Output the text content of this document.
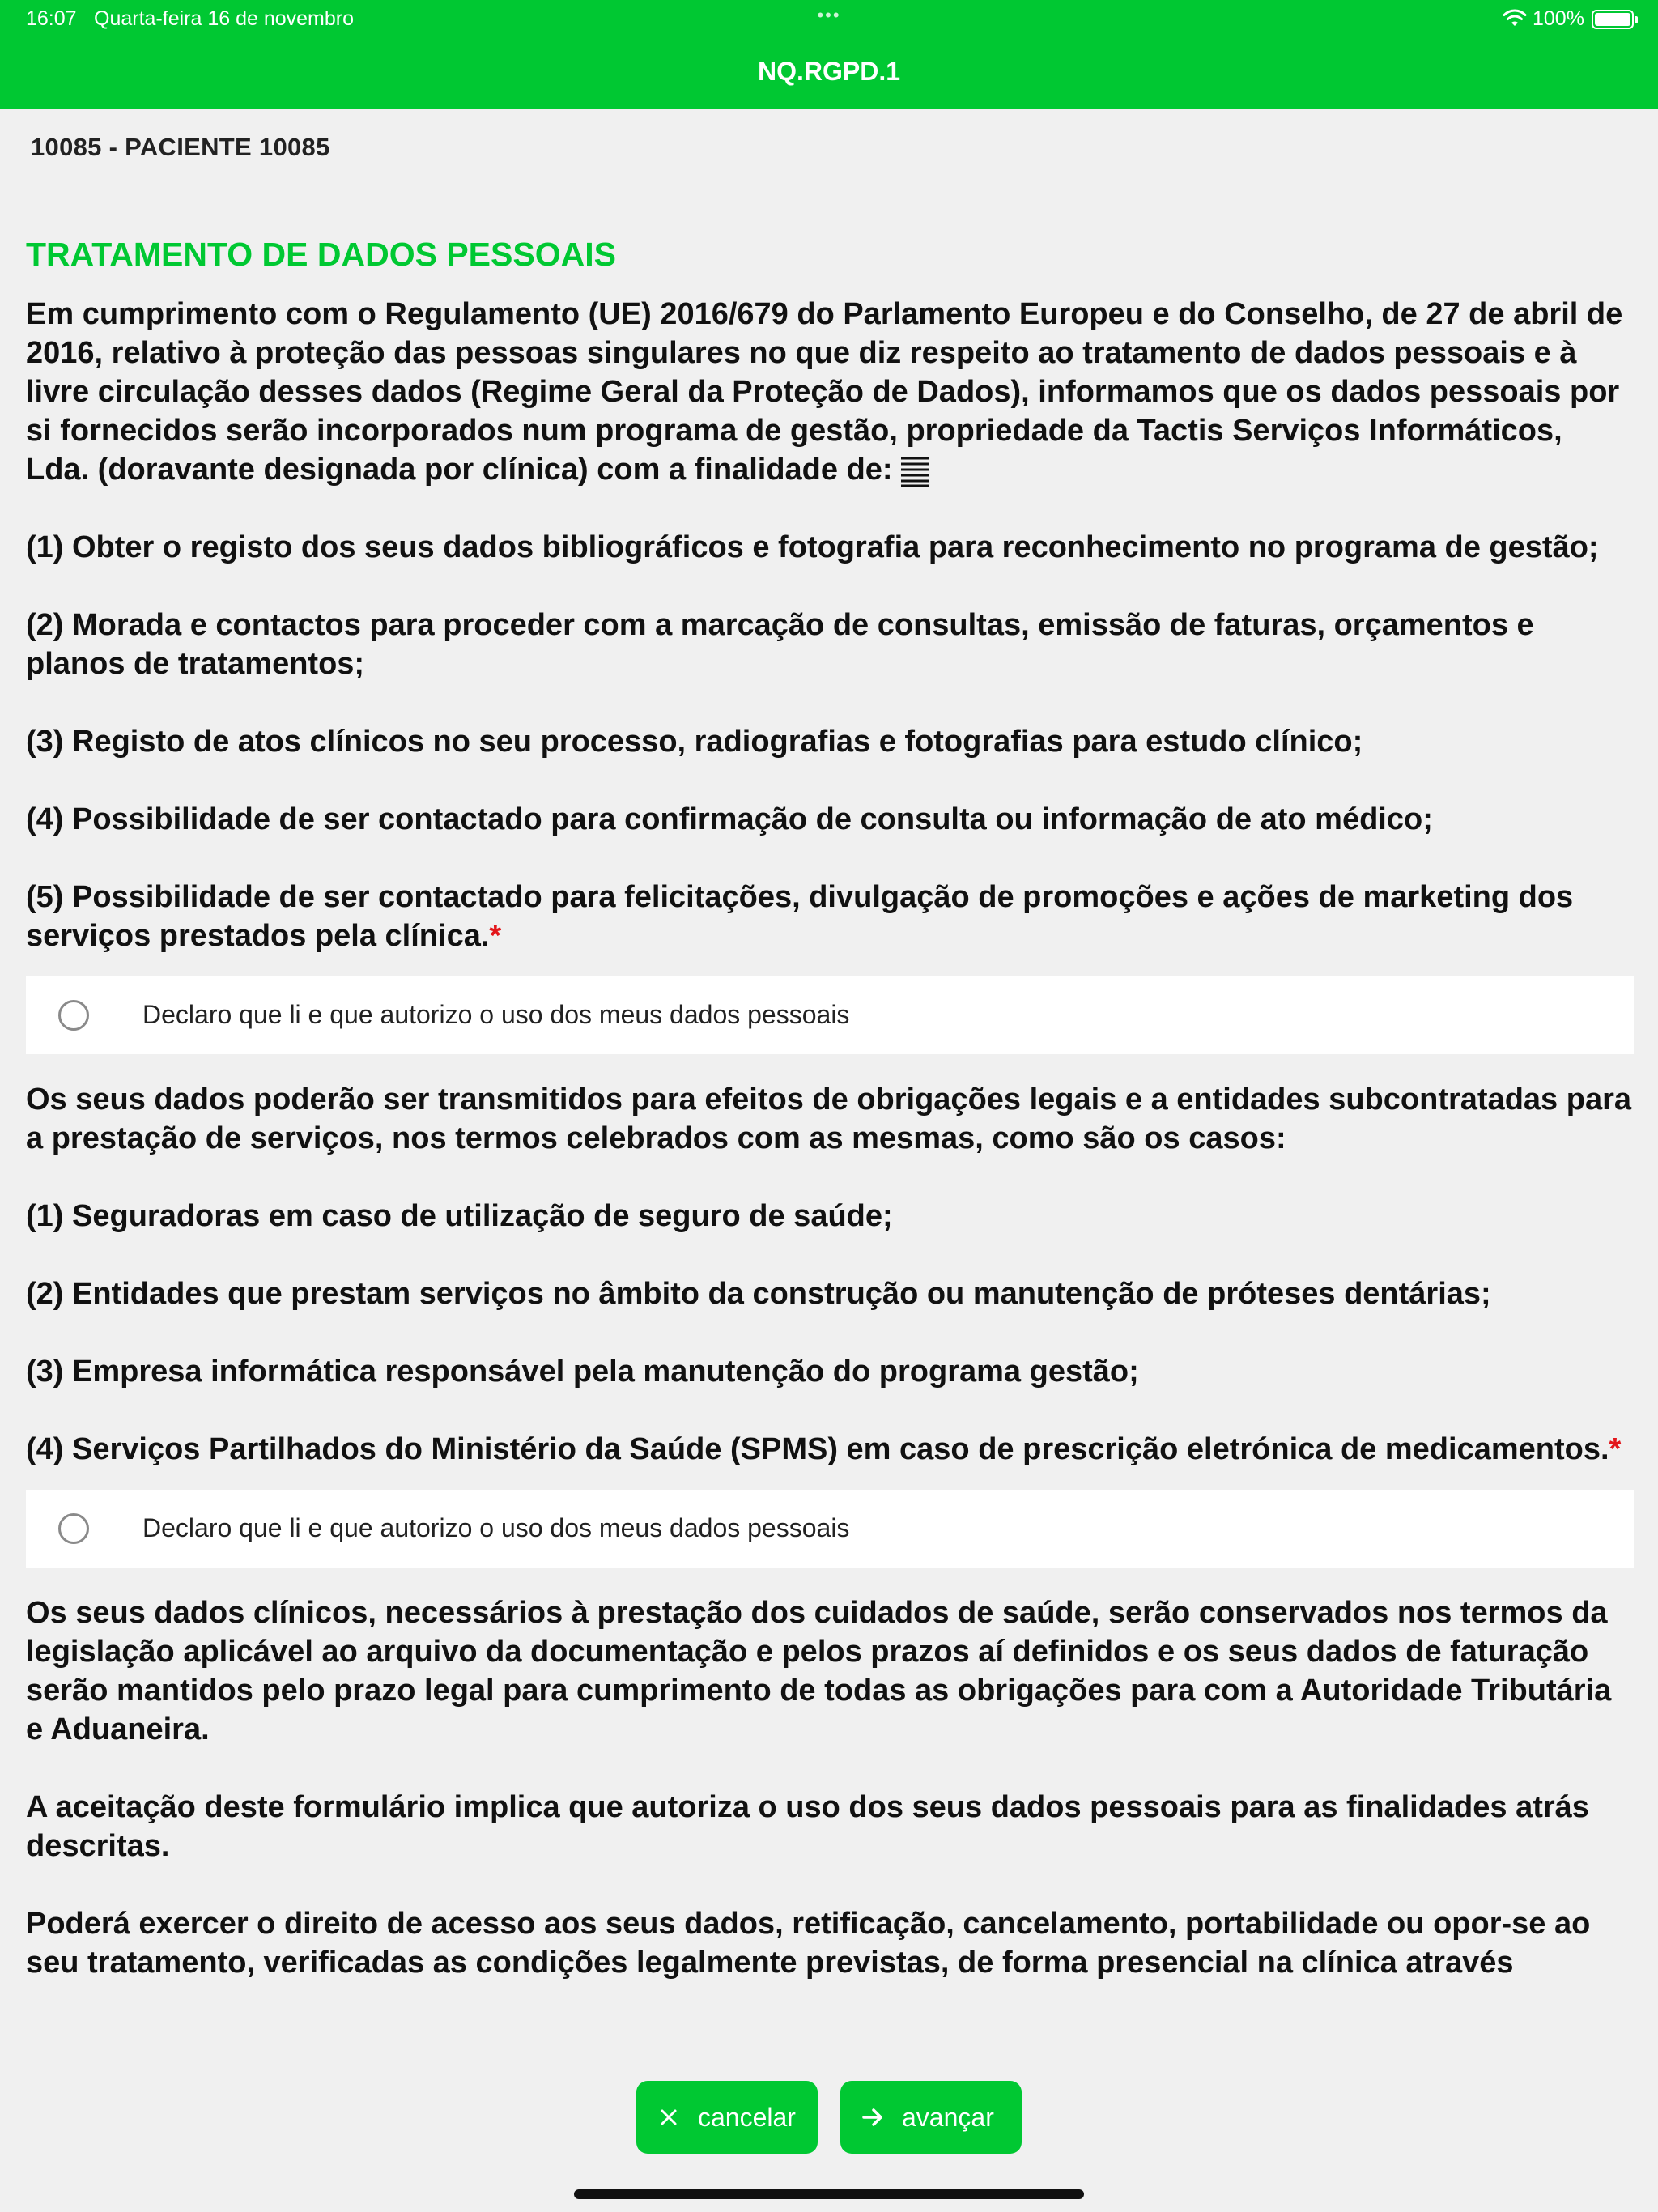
16:07 Quarta-feira 16 de novembro	•••	100%
NQ.RGPD.1
10085 - PACIENTE 10085
TRATAMENTO DE DADOS PESSOAIS
Em cumprimento com o Regulamento (UE) 2016/679 do Parlamento Europeu e do Conselho, de 27 de abril de 2016, relativo à proteção das pessoas singulares no que diz respeito ao tratamento de dados pessoais e à livre circulação desses dados (Regime Geral da Proteção de Dados), informamos que os dados pessoais por si fornecidos serão incorporados num programa de gestão, propriedade da Tactis Serviços Informáticos, Lda. (doravante designada por clínica) com a finalidade de:
(1) Obter o registo dos seus dados bibliográficos e fotografia para reconhecimento no programa de gestão;
(2) Morada e contactos para proceder com a marcação de consultas, emissão de faturas, orçamentos e planos de tratamentos;
(3) Registo de atos clínicos no seu processo, radiografias e fotografias para estudo clínico;
(4) Possibilidade de ser contactado para confirmação de consulta ou informação de ato médico;
(5) Possibilidade de ser contactado para felicitações, divulgação de promoções e ações de marketing dos serviços prestados pela clínica.*
Declaro que li e que autorizo o uso dos meus dados pessoais
Os seus dados poderão ser transmitidos para efeitos de obrigações legais e a entidades subcontratadas para a prestação de serviços, nos termos celebrados com as mesmas, como são os casos:
(1) Seguradoras em caso de utilização de seguro de saúde;
(2) Entidades que prestam serviços no âmbito da construção ou manutenção de próteses dentárias;
(3) Empresa informática responsável pela manutenção do programa gestão;
(4) Serviços Partilhados do Ministério da Saúde (SPMS) em caso de prescrição eletrónica de medicamentos.*
Declaro que li e que autorizo o uso dos meus dados pessoais
Os seus dados clínicos, necessários à prestação dos cuidados de saúde, serão conservados nos termos da legislação aplicável ao arquivo da documentação e pelos prazos aí definidos e os seus dados de faturação serão mantidos pelo prazo legal para cumprimento de todas as obrigações para com a Autoridade Tributária e Aduaneira.
A aceitação deste formulário implica que autoriza o uso dos seus dados pessoais para as finalidades atrás descritas.
Poderá exercer o direito de acesso aos seus dados, retificação, cancelamento, portabilidade ou opor-se ao seu tratamento, verificadas as condições legalmente previstas, de forma presencial na clínica através
cancelar	avançar
